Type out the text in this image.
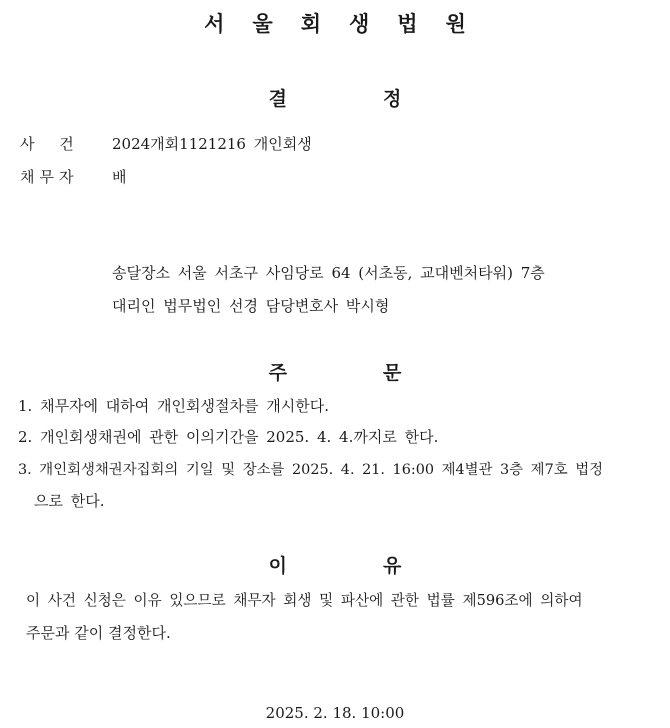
서울회생법원
결	정
사 건 2024개회1121216 개인회생
채무자 배
송달장소 서울 서초구 사임당로 64 (서초동, 교대벤처타워) 7층
대리인 법무법인 선경 담당변호사 박시형
주	문
1. 채무자에 대하여 개인회생절차를 개시한다.
2. 개인회생채권에 관한 이의기간을 2025. 4. 4.까지로 한다.
3. 개인회생채권자집회의 기일 및 장소를 2025. 4. 21. 16:00 제4별관 3층 제7호 법정
으로 한다.
이	유
이 사건 신청은 이유 있으므로 채무자 회생 및 파산에 관한 법률 제596조에 의하여
주문과 같이 결정한다.
2025. 2. 18. 10:00
